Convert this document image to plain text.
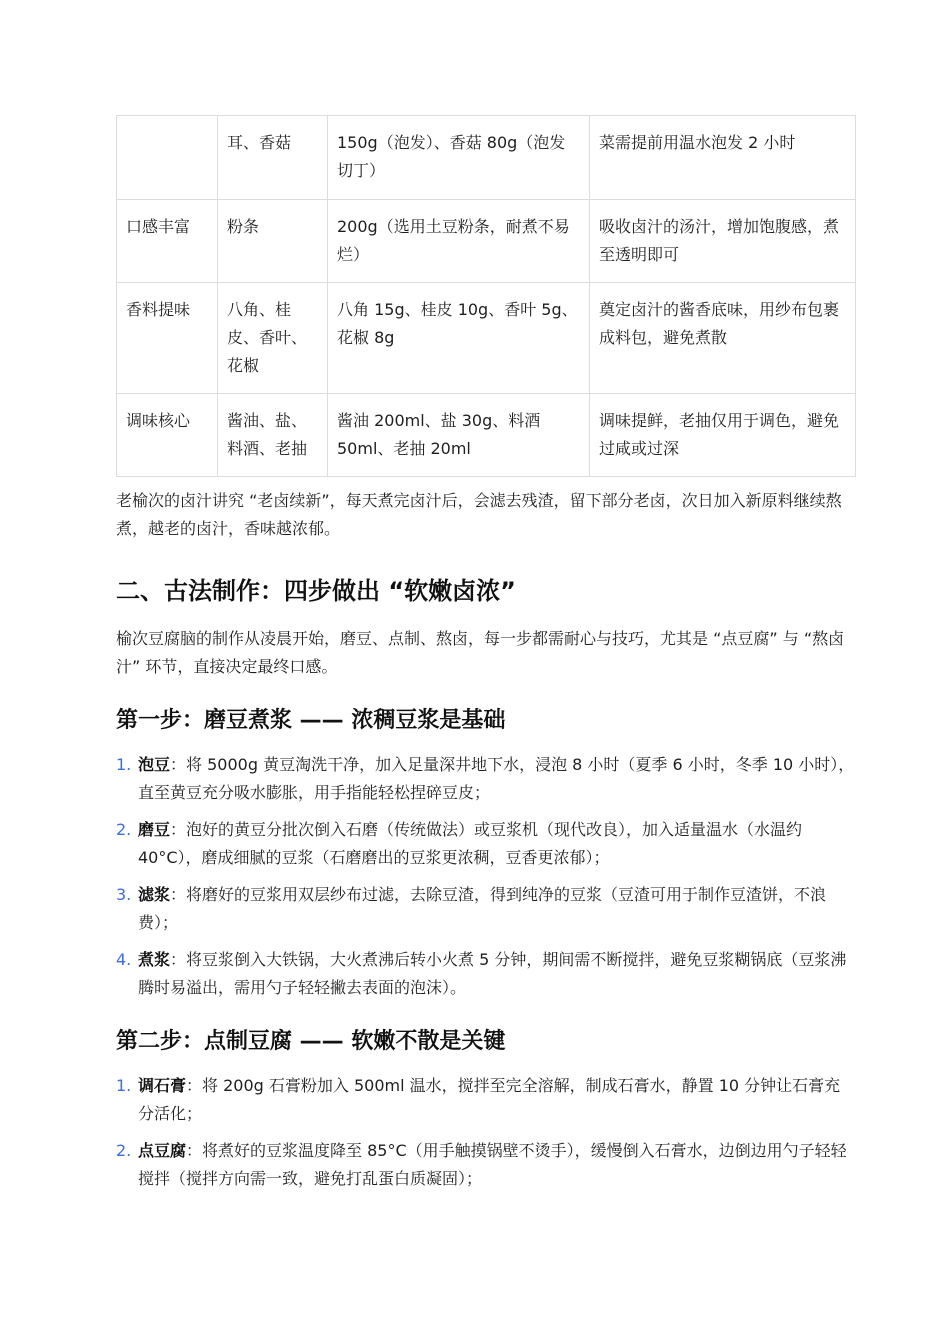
	耳、香菇	150g（泡发）、香菇 80g（泡发切丁）	菜需提前用温水泡发 2 小时
口感丰富	粉条	200g（选用土豆粉条，耐煮不易烂）	吸收卤汁的汤汁，增加饱腹感，煮至透明即可
香料提味	八角、桂皮、香叶、花椒	八角 15g、桂皮 10g、香叶 5g、花椒 8g	奠定卤汁的酱香底味，用纱布包裹成料包，避免煮散
调味核心	酱油、盐、料酒、老抽	酱油 200ml、盐 30g、料酒 50ml、老抽 20ml	调味提鲜，老抽仅用于调色，避免过咸或过深

老榆次的卤汁讲究 “老卤续新”，每天煮完卤汁后，会滤去残渣，留下部分老卤，次日加入新原料继续熬煮，越老的卤汁，香味越浓郁。

二、古法制作：四步做出 “软嫩卤浓”

榆次豆腐脑的制作从凌晨开始，磨豆、点制、熬卤，每一步都需耐心与技巧，尤其是 “点豆腐” 与 “熬卤汁” 环节，直接决定最终口感。

第一步：磨豆煮浆 —— 浓稠豆浆是基础
1. 泡豆：将 5000g 黄豆淘洗干净，加入足量深井地下水，浸泡 8 小时（夏季 6 小时，冬季 10 小时），直至黄豆充分吸水膨胀，用手指能轻松捏碎豆皮；
2. 磨豆：泡好的黄豆分批次倒入石磨（传统做法）或豆浆机（现代改良），加入适量温水（水温约 40°C），磨成细腻的豆浆（石磨磨出的豆浆更浓稠，豆香更浓郁）；
3. 滤浆：将磨好的豆浆用双层纱布过滤，去除豆渣，得到纯净的豆浆（豆渣可用于制作豆渣饼，不浪费）；
4. 煮浆：将豆浆倒入大铁锅，大火煮沸后转小火煮 5 分钟，期间需不断搅拌，避免豆浆糊锅底（豆浆沸腾时易溢出，需用勺子轻轻撇去表面的泡沫）。
第二步：点制豆腐 —— 软嫩不散是关键
1. 调石膏：将 200g 石膏粉加入 500ml 温水，搅拌至完全溶解，制成石膏水，静置 10 分钟让石膏充分活化；
2. 点豆腐：将煮好的豆浆温度降至 85°C（用手触摸锅壁不烫手），缓慢倒入石膏水，边倒边用勺子轻轻搅拌（搅拌方向需一致，避免打乱蛋白质凝固）；
